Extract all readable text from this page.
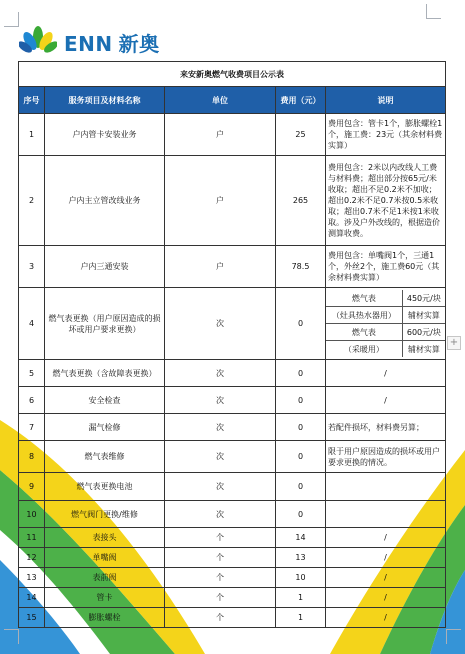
ENN 新奥
来安新奥燃气收费项目公示表
序号	服务项目及材料名称	单位	费用（元）	说明
1	户内管卡安装业务	户	25	费用包含：管卡1个，膨胀螺栓1个，施工费：23元（其余材料费实算）
2	户内主立管改线业务	户	265	费用包含：2米以内改线人工费与材料费；超出部分按65元/米收取；超出不足0.2米不加收；超出0.2米不足0.7米按0.5米收取；超出0.7米不足1米按1米收取。涉及户外改线的，根据造价测算收费。
3	户内三通安装	户	78.5	费用包含：单嘴阀1个，三通1个，外丝2个，施工费60元（其余材料费实算）
4	燃气表更换（用户原因造成的损坏或用户要求更换）	次	0	
燃气表	450元/块
（灶具热水器用）	辅材实算
燃气表	600元/块
（采暖用）	辅材实算

5	燃气表更换（含故障表更换）	次	0	/
6	安全检查	次	0	/
7	漏气检修	次	0	若配件损坏，材料费另算；
8	燃气表维修	次	0	限于用户原因造成的损坏或用户要求更换的情况。
9	燃气表更换电池	次	0	
10	燃气阀门更换/维修	次	0	
11	表接头	个	14	/
12	单嘴阀	个	13	/
13	表前阀	个	10	/
14	管卡	个	1	/
15	膨胀螺栓	个	1	/
+
